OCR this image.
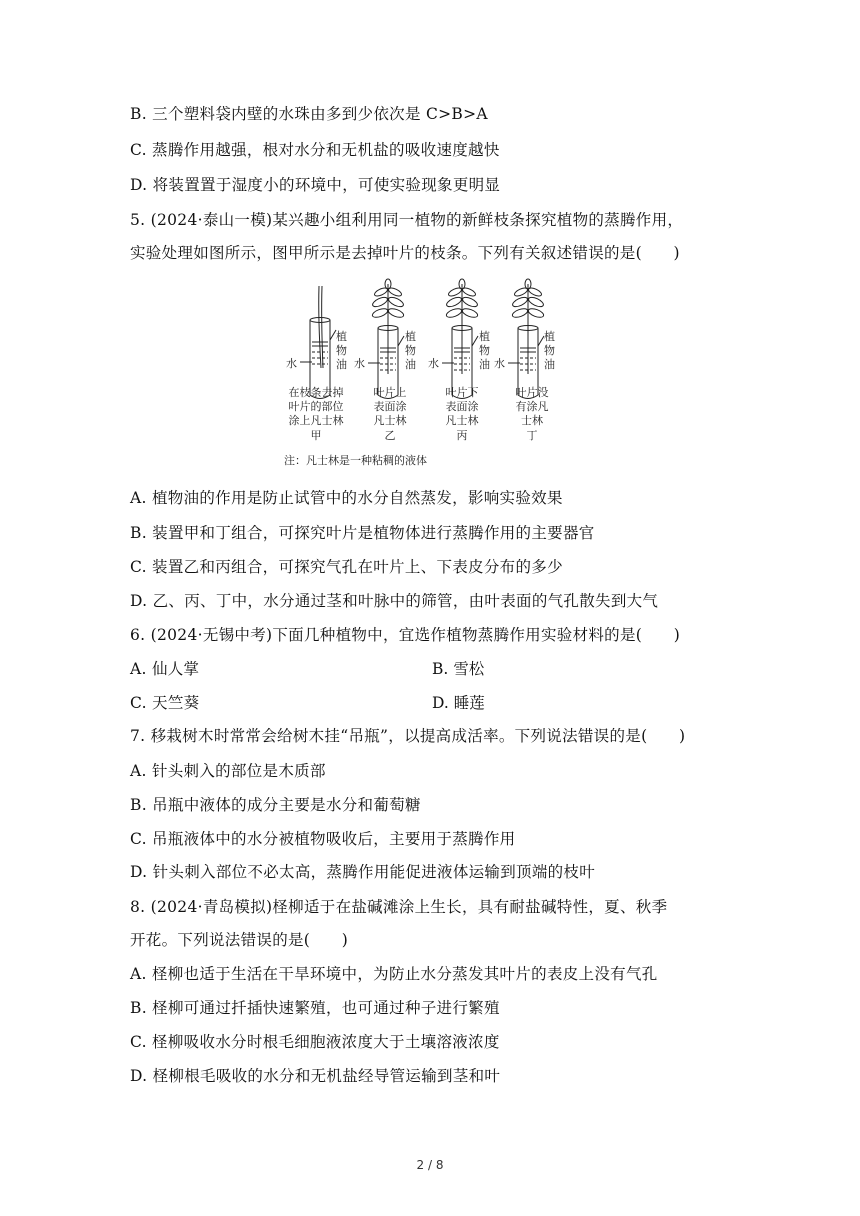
B. 三个塑料袋内壁的水珠由多到少依次是 C>B>A
C. 蒸腾作用越强，根对水分和无机盐的吸收速度越快
D. 将装置置于湿度小的环境中，可使实验现象更明显
5. (2024·泰山一模)某兴趣小组利用同一植物的新鲜枝条探究植物的蒸腾作用，
实验处理如图所示，图甲所示是去掉叶片的枝条。下列有关叙述错误的是(　　)
水	水	水	水
植
物
油
植
物
油
植
物
油
植
物
油
在枝条去掉
叶片的部位
涂上凡士林
甲
叶片上
表面涂
凡士林
乙
叶片下
表面涂
凡士林
丙
叶片没
有涂凡
士林
丁
注：凡士林是一种粘稠的液体
A. 植物油的作用是防止试管中的水分自然蒸发，影响实验效果
B. 装置甲和丁组合，可探究叶片是植物体进行蒸腾作用的主要器官
C. 装置乙和丙组合，可探究气孔在叶片上、下表皮分布的多少
D. 乙、丙、丁中，水分通过茎和叶脉中的筛管，由叶表面的气孔散失到大气
6. (2024·无锡中考)下面几种植物中，宜选作植物蒸腾作用实验材料的是(　　)
A. 仙人掌	B. 雪松
C. 天竺葵	D. 睡莲
7. 移栽树木时常常会给树木挂“吊瓶”，以提高成活率。下列说法错误的是(　　)
A. 针头刺入的部位是木质部
B. 吊瓶中液体的成分主要是水分和葡萄糖
C. 吊瓶液体中的水分被植物吸收后，主要用于蒸腾作用
D. 针头刺入部位不必太高，蒸腾作用能促进液体运输到顶端的枝叶
8. (2024·青岛模拟)柽柳适于在盐碱滩涂上生长，具有耐盐碱特性，夏、秋季
开花。下列说法错误的是(　　)
A. 柽柳也适于生活在干旱环境中，为防止水分蒸发其叶片的表皮上没有气孔
B. 柽柳可通过扦插快速繁殖，也可通过种子进行繁殖
C. 柽柳吸收水分时根毛细胞液浓度大于土壤溶液浓度
D. 柽柳根毛吸收的水分和无机盐经导管运输到茎和叶
2 / 8
